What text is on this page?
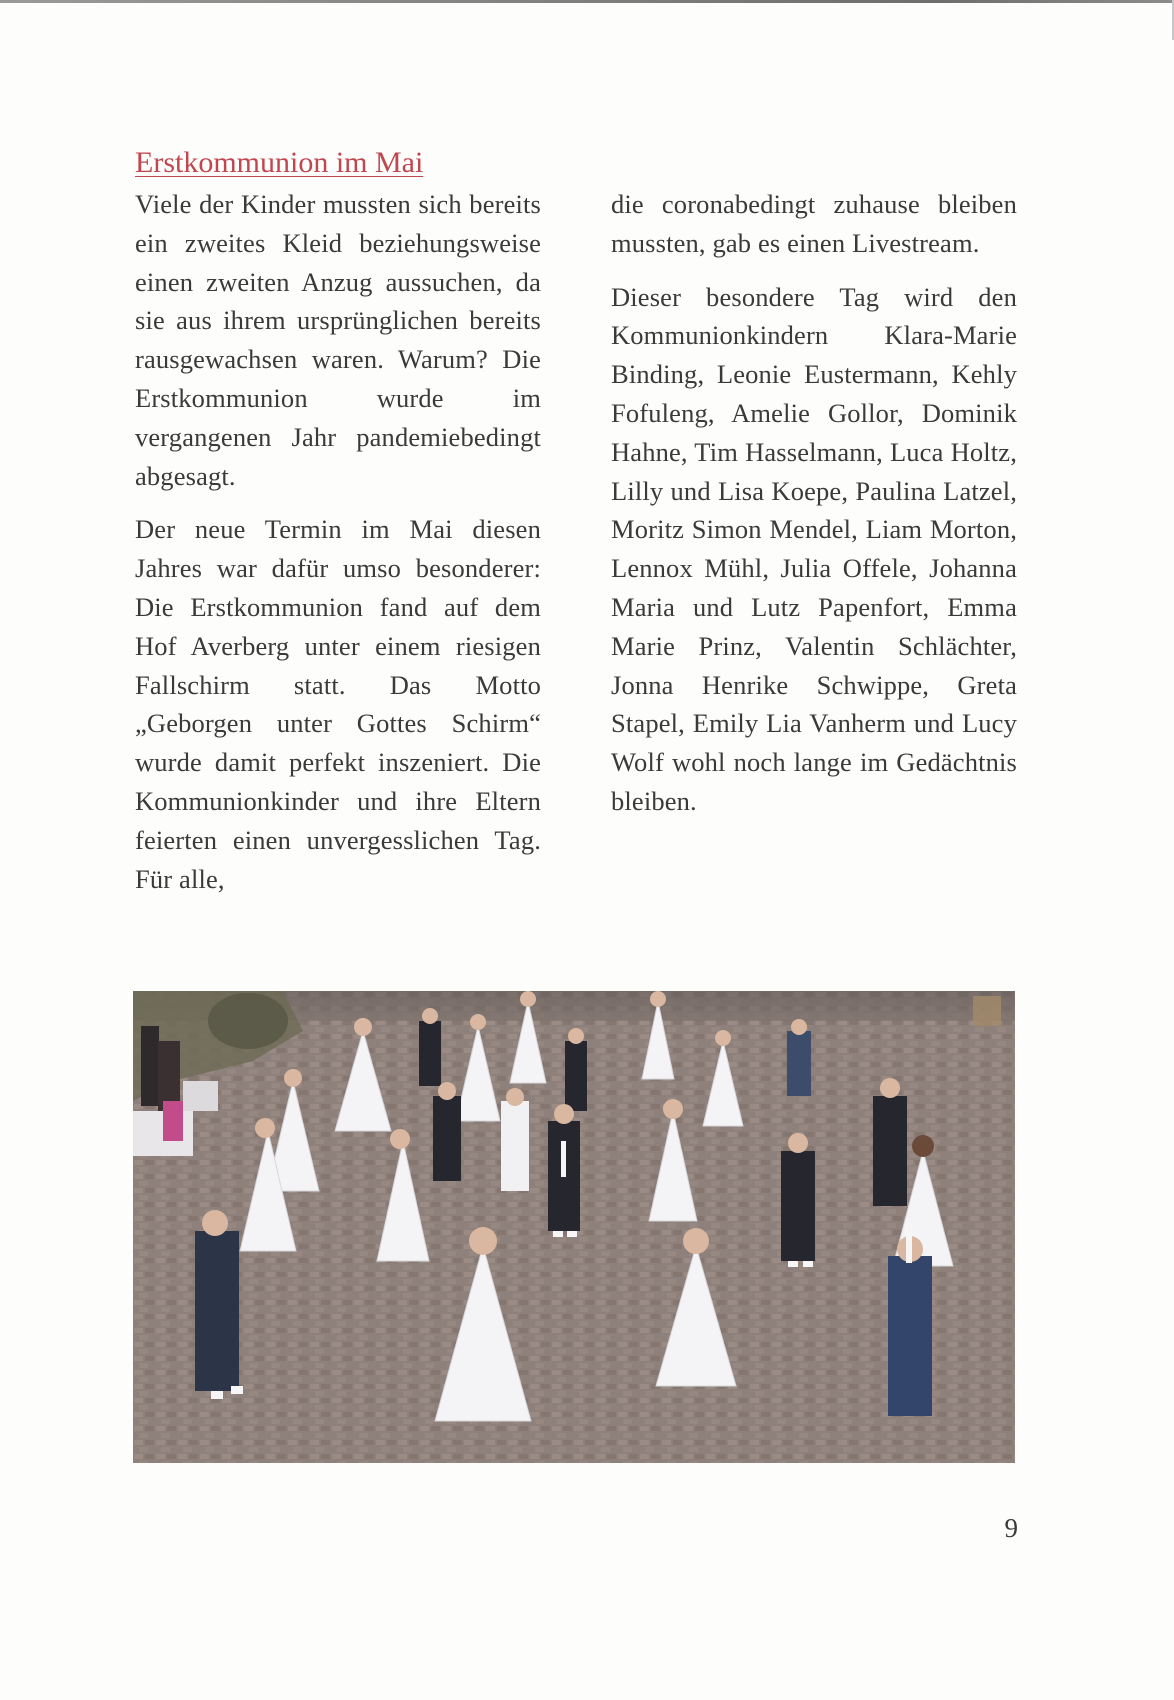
Erstkommunion im Mai

Viele der Kinder mussten sich bereits ein zweites Kleid beziehungsweise einen zweiten Anzug aussuchen, da sie aus ihrem ursprünglichen bereits rausgewachsen waren. Warum? Die Erstkommunion wurde im vergangenen Jahr pandemiebedingt abgesagt.

Der neue Termin im Mai diesen Jahres war dafür umso besonderer: Die Erstkommunion fand auf dem Hof Averberg unter einem riesigen Fallschirm statt. Das Motto „Geborgen unter Gottes Schirm“ wurde damit perfekt inszeniert. Die Kommunionkinder und ihre Eltern feierten einen unvergesslichen Tag. Für alle,

die coronabedingt zuhause bleiben mussten, gab es einen Livestream.

Dieser besondere Tag wird den Kommunionkindern Klara-Marie Binding, Leonie Eustermann, Kehly Fofuleng, Amelie Gollor, Dominik Hahne, Tim Hasselmann, Luca Holtz, Lilly und Lisa Koepe, Paulina Latzel, Moritz Simon Mendel, Liam Morton, Lennox Mühl, Julia Offele, Johanna Maria und Lutz Papenfort, Emma Marie Prinz, Valentin Schlächter, Jonna Henrike Schwippe, Greta Stapel, Emily Lia Vanherm und Lucy Wolf wohl noch lange im Gedächtnis bleiben.

9
